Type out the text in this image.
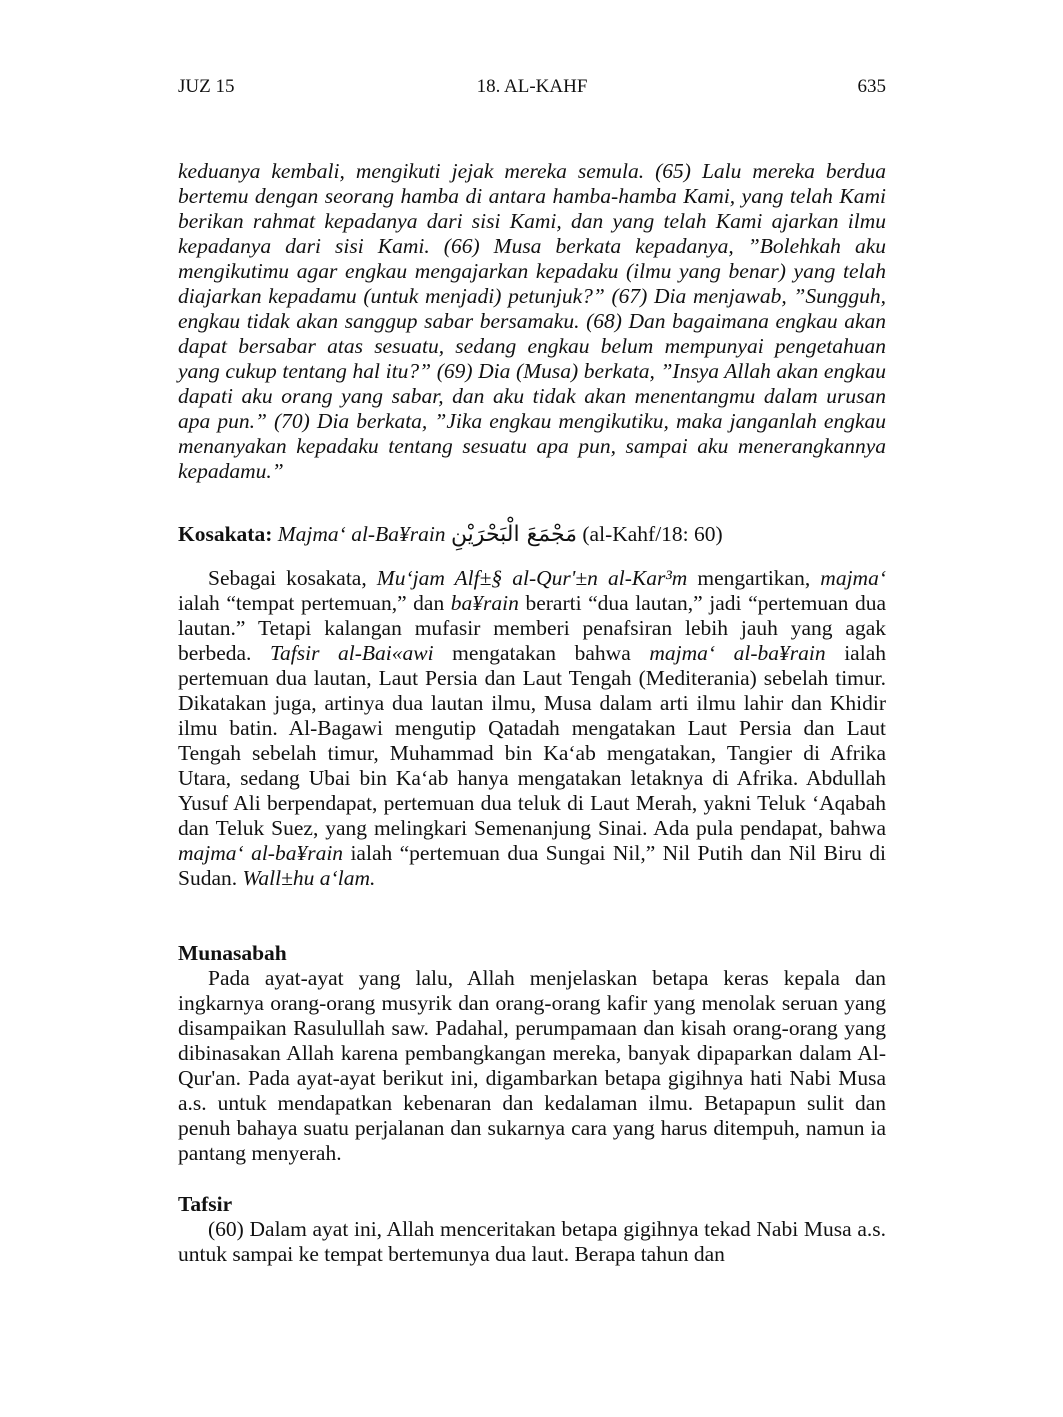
JUZ 15	18. AL-KAHF	635

keduanya kembali, mengikuti jejak mereka semula. (65) Lalu mereka berdua bertemu dengan seorang hamba di antara hamba-hamba Kami, yang telah Kami berikan rahmat kepadanya dari sisi Kami, dan yang telah Kami ajarkan ilmu kepadanya dari sisi Kami. (66) Musa berkata kepadanya, ”Bolehkah aku mengikutimu agar engkau mengajarkan kepadaku (ilmu yang benar) yang telah diajarkan kepadamu (untuk menjadi) petunjuk?” (67) Dia menjawab, ”Sungguh, engkau tidak akan sanggup sabar bersamaku. (68) Dan bagaimana engkau akan dapat bersabar atas sesuatu, sedang engkau belum mempunyai pengetahuan yang cukup tentang hal itu?” (69) Dia (Musa) berkata, ”Insya Allah akan engkau dapati aku orang yang sabar, dan aku tidak akan menentangmu dalam urusan apa pun.” (70) Dia berkata, ”Jika engkau mengikutiku, maka janganlah engkau menanyakan kepadaku tentang sesuatu apa pun, sampai aku menerangkannya kepadamu.”

Kosakata: Majma‘ al-Ba¥rain مَجْمَعَ الْبَحْرَيْنِ (al-Kahf/18: 60)

Sebagai kosakata, Mu‘jam Alf±§ al-Qur'±n al-Kar³m mengartikan, majma‘ ialah “tempat pertemuan,” dan ba¥rain berarti “dua lautan,” jadi “pertemuan dua lautan.” Tetapi kalangan mufasir memberi penafsiran lebih jauh yang agak berbeda. Tafsir al-Bai«awi mengatakan bahwa majma‘ al-ba¥rain ialah pertemuan dua lautan, Laut Persia dan Laut Tengah (Mediterania) sebelah timur. Dikatakan juga, artinya dua lautan ilmu, Musa dalam arti ilmu lahir dan Khidir ilmu batin. Al-Bagawi mengutip Qatadah mengatakan Laut Persia dan Laut Tengah sebelah timur, Muhammad bin Ka‘ab mengatakan, Tangier di Afrika Utara, sedang Ubai bin Ka‘ab hanya mengatakan letaknya di Afrika. Abdullah Yusuf Ali berpendapat, pertemuan dua teluk di Laut Merah, yakni Teluk ‘Aqabah dan Teluk Suez, yang melingkari Semenanjung Sinai. Ada pula pendapat, bahwa majma‘ al-ba¥rain ialah “pertemuan dua Sungai Nil,” Nil Putih dan Nil Biru di Sudan. Wall±hu a‘lam.

Munasabah

Pada ayat-ayat yang lalu, Allah menjelaskan betapa keras kepala dan ingkarnya orang-orang musyrik dan orang-orang kafir yang menolak seruan yang disampaikan Rasulullah saw. Padahal, perumpamaan dan kisah orang-orang yang dibinasakan Allah karena pembangkangan mereka, banyak dipaparkan dalam Al-Qur'an. Pada ayat-ayat berikut ini, digambarkan betapa gigihnya hati Nabi Musa a.s. untuk mendapatkan kebenaran dan kedalaman ilmu. Betapapun sulit dan penuh bahaya suatu perjalanan dan sukarnya cara yang harus ditempuh, namun ia pantang menyerah.

Tafsir

(60) Dalam ayat ini, Allah menceritakan betapa gigihnya tekad Nabi Musa a.s. untuk sampai ke tempat bertemunya dua laut. Berapa tahun dan
